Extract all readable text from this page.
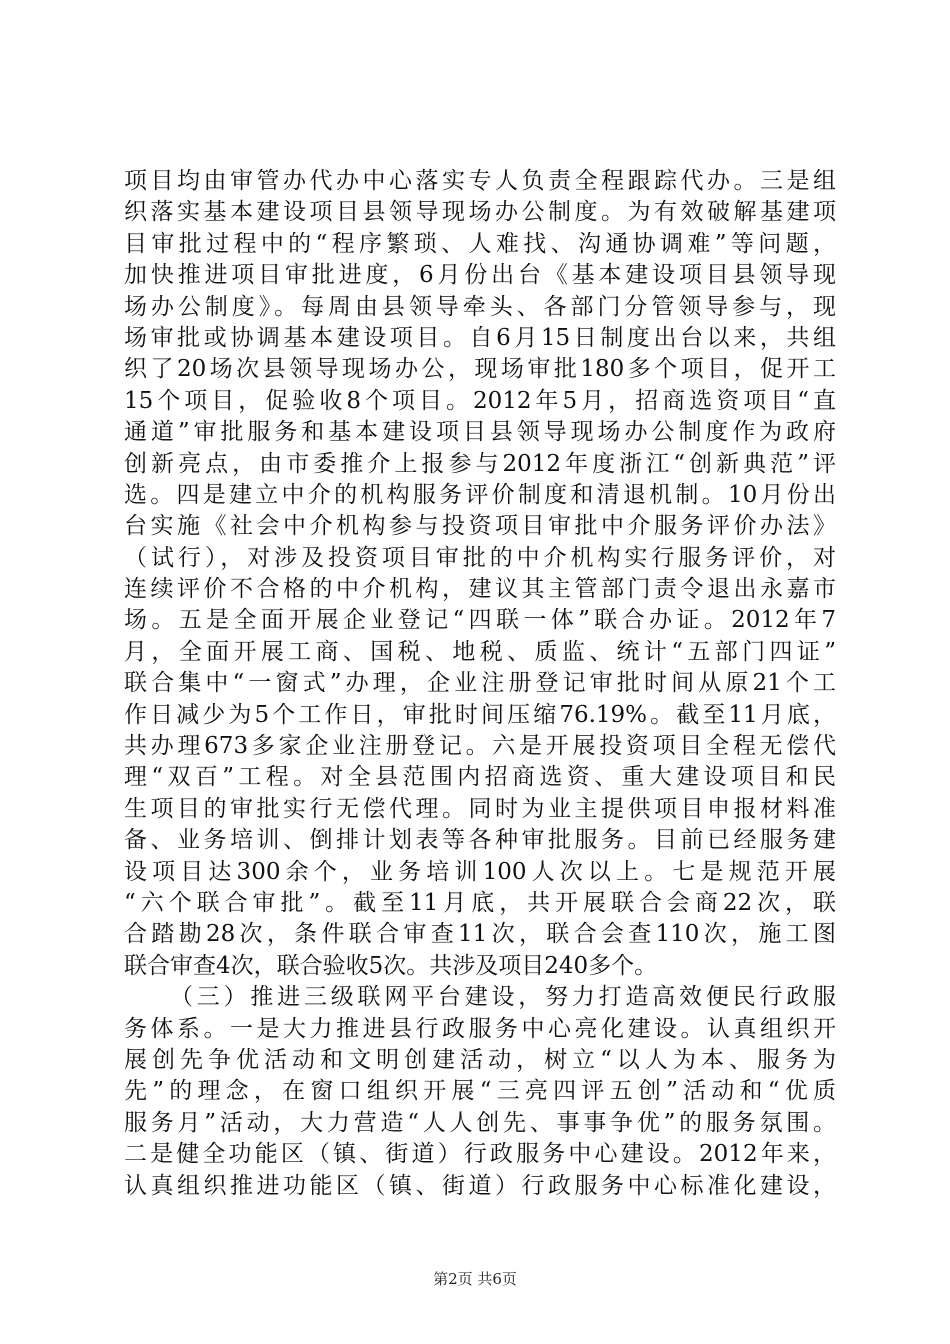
项目均由审管办代办中心落实专人负责全程跟踪代办。三是组
织落实基本建设项目县领导现场办公制度。为有效破解基建项
目审批过程中的“程序繁琐、人难找、沟通协调难”等问题，
加快推进项目审批进度，6月份出台《基本建设项目县领导现
场办公制度》。每周由县领导牵头、各部门分管领导参与，现
场审批或协调基本建设项目。自6月15日制度出台以来，共组
织了20场次县领导现场办公，现场审批180多个项目，促开工
15个项目，促验收8个项目。2012年5月，招商选资项目“直
通道”审批服务和基本建设项目县领导现场办公制度作为政府
创新亮点，由市委推介上报参与2012年度浙江“创新典范”评
选。四是建立中介的机构服务评价制度和清退机制。10月份出
台实施《社会中介机构参与投资项目审批中介服务评价办法》
（试行），对涉及投资项目审批的中介机构实行服务评价，对
连续评价不合格的中介机构，建议其主管部门责令退出永嘉市
场。五是全面开展企业登记“四联一体”联合办证。2012年7
月，全面开展工商、国税、地税、质监、统计“五部门四证”
联合集中“一窗式”办理，企业注册登记审批时间从原21个工
作日减少为5个工作日，审批时间压缩76.19%。截至11月底，
共办理673多家企业注册登记。六是开展投资项目全程无偿代
理“双百”工程。对全县范围内招商选资、重大建设项目和民
生项目的审批实行无偿代理。同时为业主提供项目申报材料准
备、业务培训、倒排计划表等各种审批服务。目前已经服务建
设项目达300余个，业务培训100人次以上。七是规范开展
“六个联合审批”。截至11月底，共开展联合会商22次，联
合踏勘28次，条件联合审查11次，联合会查110次，施工图
联合审查4次，联合验收5次。共涉及项目240多个。
（三）推进三级联网平台建设，努力打造高效便民行政服
务体系。一是大力推进县行政服务中心亮化建设。认真组织开
展创先争优活动和文明创建活动，树立“以人为本、服务为
先”的理念，在窗口组织开展“三亮四评五创”活动和“优质
服务月”活动，大力营造“人人创先、事事争优”的服务氛围。
二是健全功能区（镇、街道）行政服务中心建设。2012年来，
认真组织推进功能区（镇、街道）行政服务中心标准化建设，
第2页 共6页
